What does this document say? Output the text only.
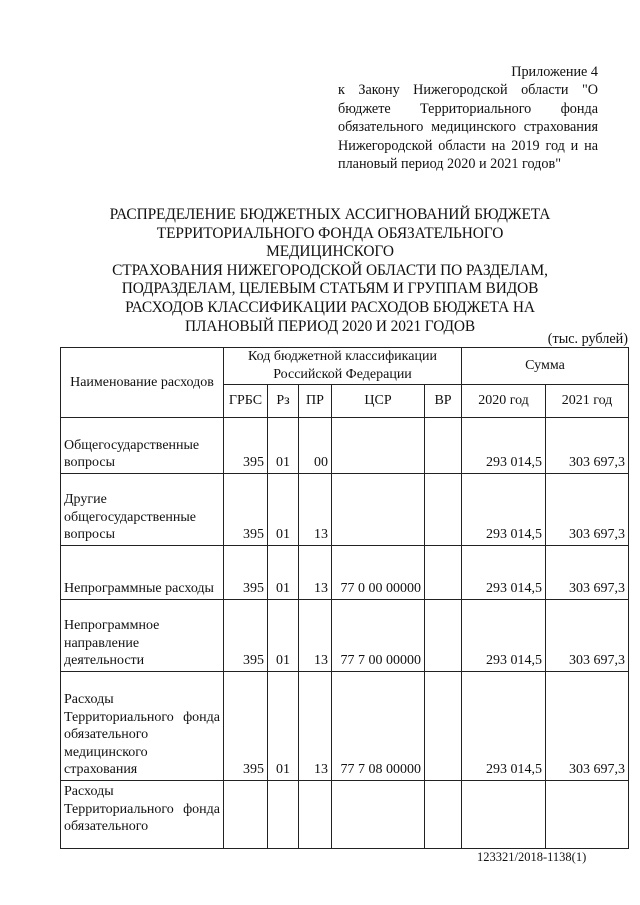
Приложение 4
к Закону Нижегородской области "О бюджете Территориального фонда обязательного медицинского страхования Нижегородской области на 2019 год и на плановый период 2020 и 2021 годов"
РАСПРЕДЕЛЕНИЕ БЮДЖЕТНЫХ АССИГНОВАНИЙ БЮДЖЕТА
ТЕРРИТОРИАЛЬНОГО ФОНДА ОБЯЗАТЕЛЬНОГО МЕДИЦИНСКОГО
СТРАХОВАНИЯ НИЖЕГОРОДСКОЙ ОБЛАСТИ ПО РАЗДЕЛАМ,
ПОДРАЗДЕЛАМ, ЦЕЛЕВЫМ СТАТЬЯМ И ГРУППАМ ВИДОВ
РАСХОДОВ КЛАССИФИКАЦИИ РАСХОДОВ БЮДЖЕТА НА
ПЛАНОВЫЙ ПЕРИОД 2020 И 2021 ГОДОВ
(тыс. рублей)
Наименование расходов	Код бюджетной классификации Российской Федерации					Сумма	
	ГРБС	Рз	ПР	ЦСР	ВР	2020 год	2021 год
Общегосударственные вопросы	395	01	00			293 014,5	303 697,3
Другие общегосударственные вопросы	395	01	13			293 014,5	303 697,3
Непрограммные расходы	395	01	13	77 0 00 00000		293 014,5	303 697,3
Непрограммное направление деятельности	395	01	13	77 7 00 00000		293 014,5	303 697,3
Расходы Территориального фонда обязательного медицинского страхования	395	01	13	77 7 08 00000		293 014,5	303 697,3
Расходы Территориального фонда обязательного							
123321/2018-1138(1)
